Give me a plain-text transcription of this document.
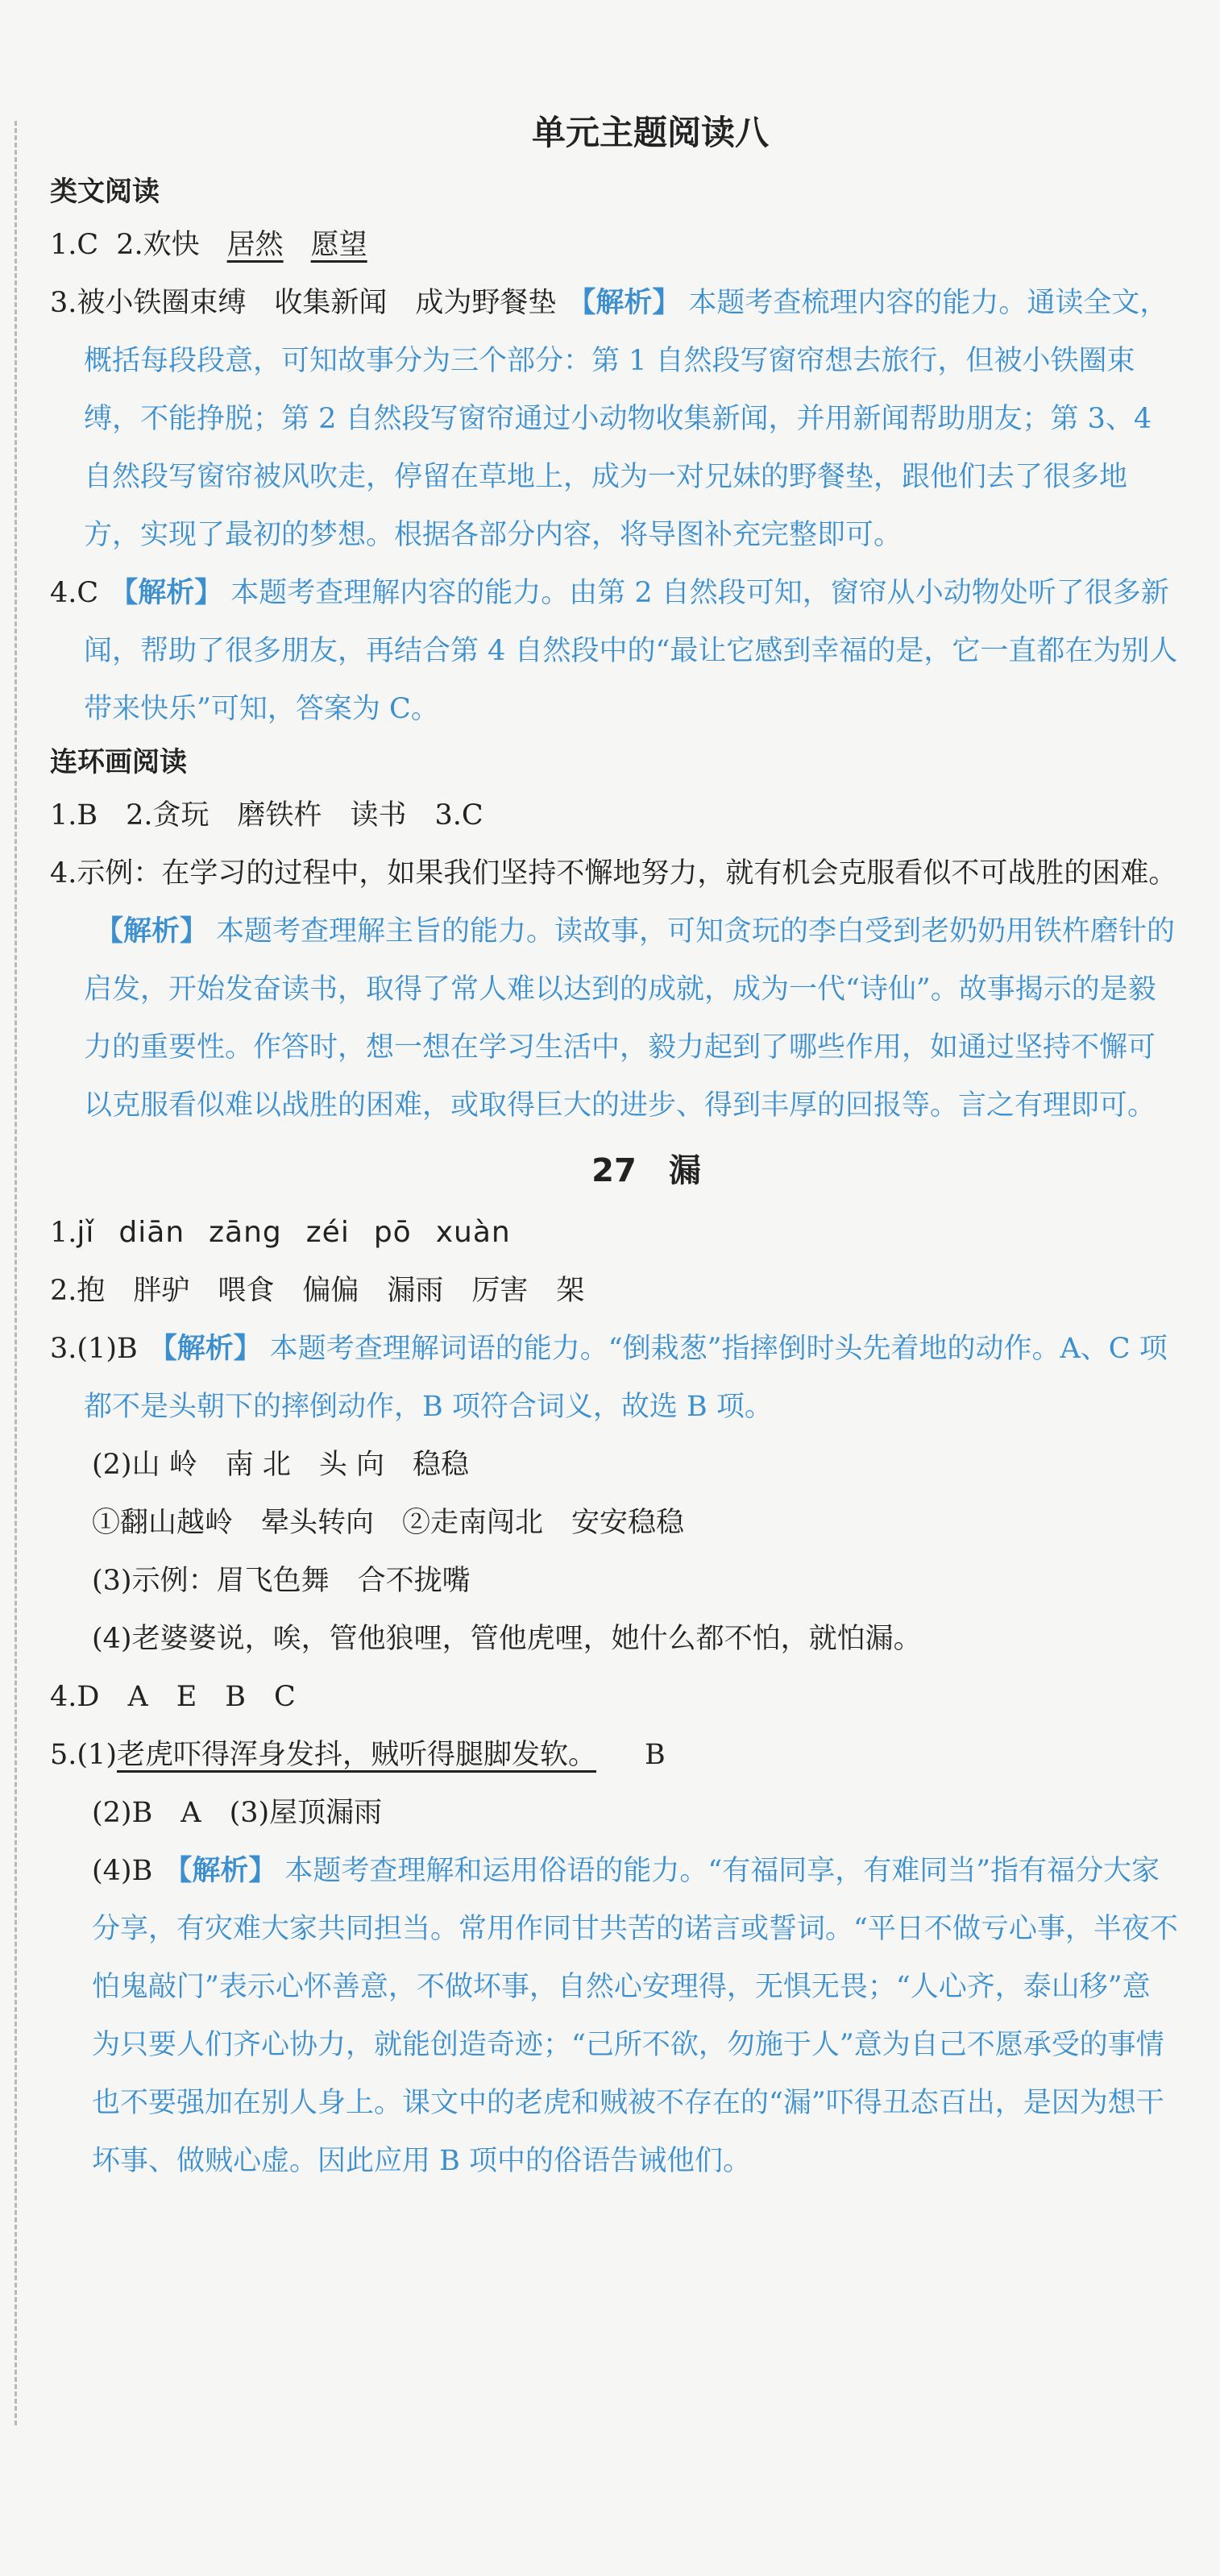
单元主题阅读八
类文阅读

1.C 2.欢快 居然 愿望

3.被小铁圈束缚　收集新闻　成为野餐垫 【解析】 本题考查梳理内容的能力。通读全文，概括每段段意，可知故事分为三个部分：第 1 自然段写窗帘想去旅行，但被小铁圈束缚，不能挣脱；第 2 自然段写窗帘通过小动物收集新闻，并用新闻帮助朋友；第 3、4 自然段写窗帘被风吹走，停留在草地上，成为一对兄妹的野餐垫，跟他们去了很多地方，实现了最初的梦想。根据各部分内容，将导图补充完整即可。

4.C 【解析】 本题考查理解内容的能力。由第 2 自然段可知，窗帘从小动物处听了很多新闻，帮助了很多朋友，再结合第 4 自然段中的“最让它感到幸福的是，它一直都在为别人带来快乐”可知，答案为 C。

连环画阅读

1.B　2.贪玩　磨铁杵　读书　3.C

4.示例：在学习的过程中，如果我们坚持不懈地努力，就有机会克服看似不可战胜的困难。【解析】 本题考查理解主旨的能力。读故事，可知贪玩的李白受到老奶奶用铁杵磨针的启发，开始发奋读书，取得了常人难以达到的成就，成为一代“诗仙”。故事揭示的是毅力的重要性。作答时，想一想在学习生活中，毅力起到了哪些作用，如通过坚持不懈可以克服看似难以战胜的困难，或取得巨大的进步、得到丰厚的回报等。言之有理即可。

27　漏

1.jǐ diān zāng zéi pō xuàn

2.抱　胖驴　喂食　偏偏　漏雨　厉害　架

3.(1)B 【解析】 本题考查理解词语的能力。“倒栽葱”指摔倒时头先着地的动作。A、C 项都不是头朝下的摔倒动作，B 项符合词义，故选 B 项。

(2)山 岭　南 北　头 向　稳稳

①翻山越岭　晕头转向　②走南闯北　安安稳稳

(3)示例：眉飞色舞　合不拢嘴

(4)老婆婆说，唉，管他狼哩，管他虎哩，她什么都不怕，就怕漏。

4.D　A　E　B　C

5.(1)老虎吓得浑身发抖，贼听得腿脚发软。 B

(2)B　A　(3)屋顶漏雨

(4)B 【解析】 本题考查理解和运用俗语的能力。“有福同享，有难同当”指有福分大家分享，有灾难大家共同担当。常用作同甘共苦的诺言或誓词。“平日不做亏心事，半夜不怕鬼敲门”表示心怀善意，不做坏事，自然心安理得，无惧无畏；“人心齐，泰山移”意为只要人们齐心协力，就能创造奇迹；“己所不欲，勿施于人”意为自己不愿承受的事情也不要强加在别人身上。课文中的老虎和贼被不存在的“漏”吓得丑态百出，是因为想干坏事、做贼心虚。因此应用 B 项中的俗语告诫他们。
